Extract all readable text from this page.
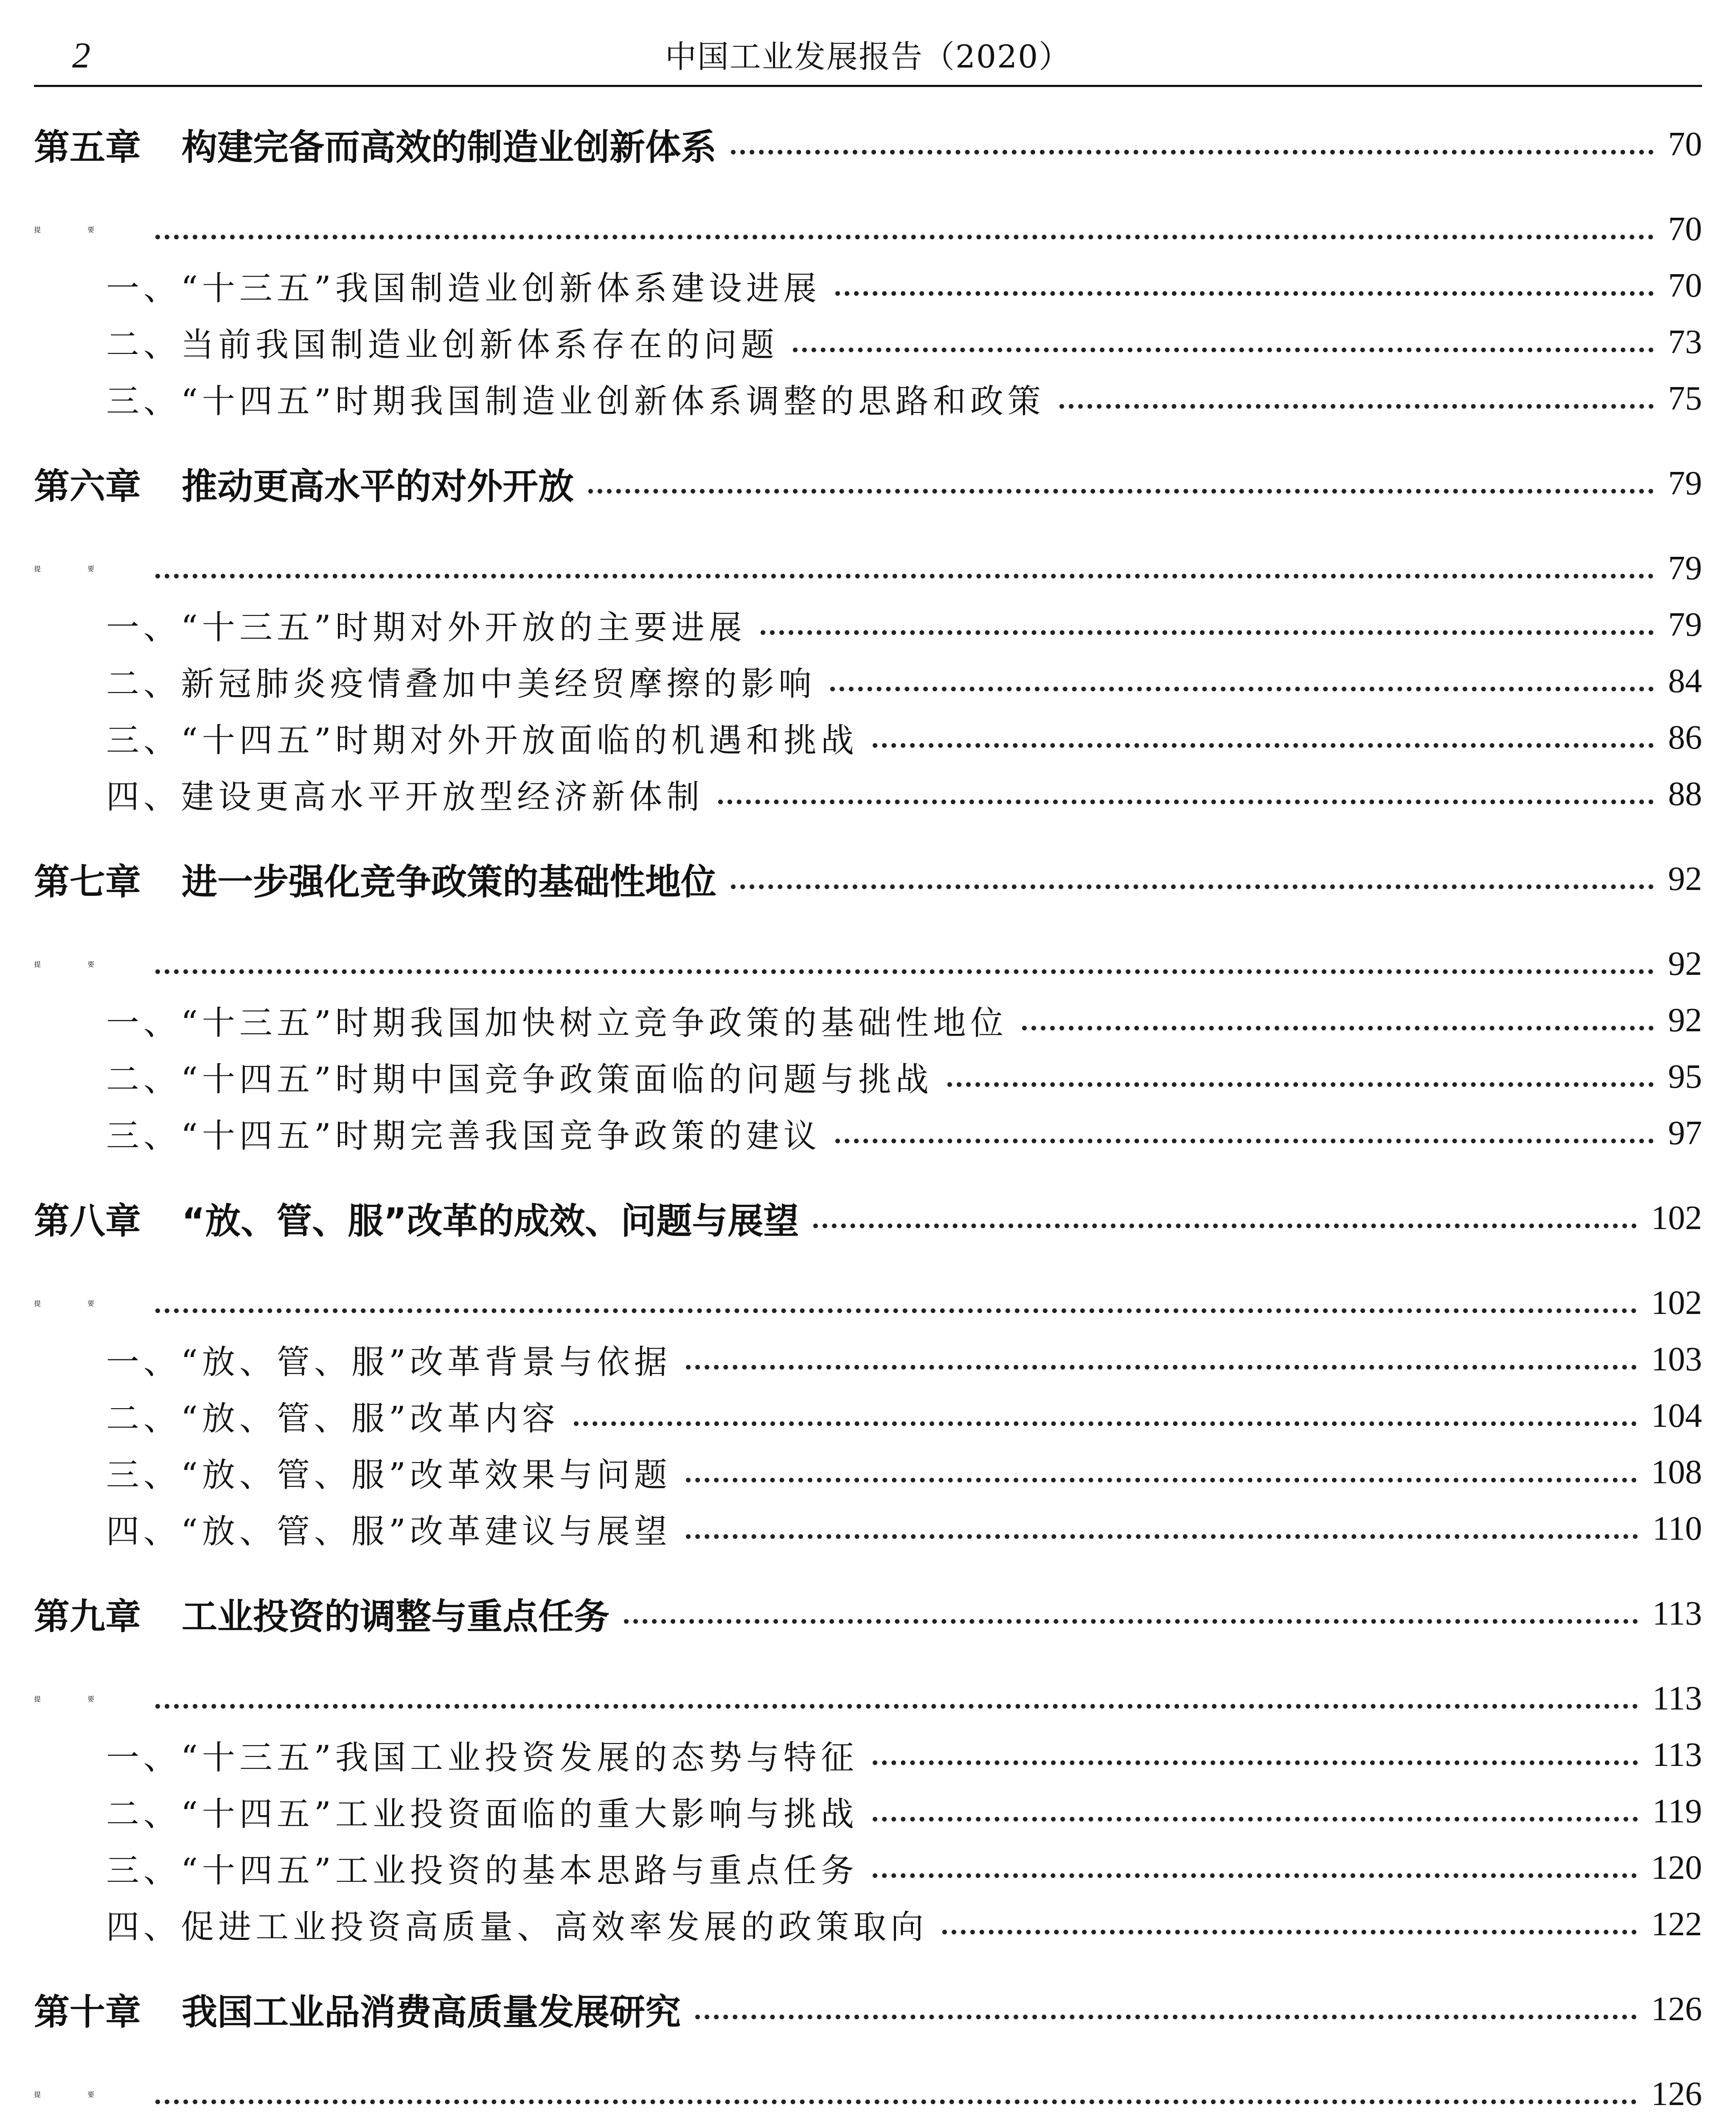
2	中国工业发展报告（2020）
第五章 构建完备而高效的制造业创新体系	70
提要	70
一、“十三五”我国制造业创新体系建设进展	70
二、当前我国制造业创新体系存在的问题	73
三、“十四五”时期我国制造业创新体系调整的思路和政策	75
第六章 推动更高水平的对外开放	79
提要	79
一、“十三五”时期对外开放的主要进展	79
二、新冠肺炎疫情叠加中美经贸摩擦的影响	84
三、“十四五”时期对外开放面临的机遇和挑战	86
四、建设更高水平开放型经济新体制	88
第七章 进一步强化竞争政策的基础性地位	92
提要	92
一、“十三五”时期我国加快树立竞争政策的基础性地位	92
二、“十四五”时期中国竞争政策面临的问题与挑战	95
三、“十四五”时期完善我国竞争政策的建议	97
第八章 “放、管、服”改革的成效、问题与展望	102
提要	102
一、“放、管、服”改革背景与依据	103
二、“放、管、服”改革内容	104
三、“放、管、服”改革效果与问题	108
四、“放、管、服”改革建议与展望	110
第九章 工业投资的调整与重点任务	113
提要	113
一、“十三五”我国工业投资发展的态势与特征	113
二、“十四五”工业投资面临的重大影响与挑战	119
三、“十四五”工业投资的基本思路与重点任务	120
四、促进工业投资高质量、高效率发展的政策取向	122
第十章 我国工业品消费高质量发展研究	126
提要	126
